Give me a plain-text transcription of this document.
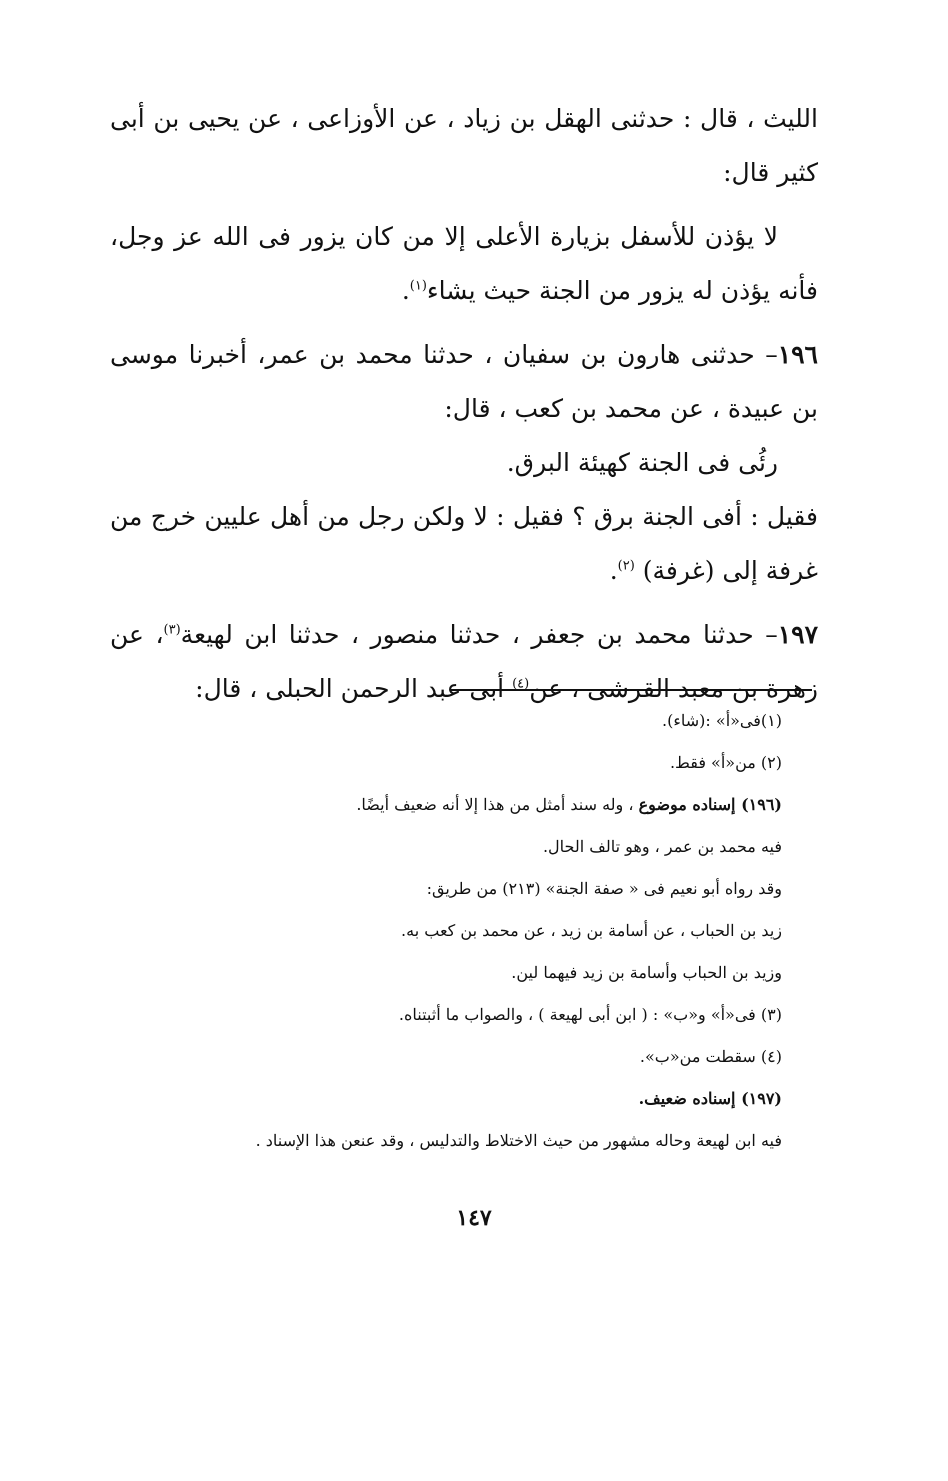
الليث ، قال : حدثنى الهقل بن زياد ، عن الأوزاعى ، عن يحيى بن أبى كثير قال:

لا يؤذن للأسفل بزيارة الأعلى إلا من كان يزور فى الله عز وجل، فأنه يؤذن له يزور من الجنة حيث يشاء$^{(١)}$.

١٩٦– حدثنى هارون بن سفيان ، حدثنا محمد بن عمر، أخبرنا موسى بن عبيدة ، عن محمد بن كعب ، قال:

رئُى فى الجنة كهيئة البرق.

فقيل : أفى الجنة برق ؟ فقيل : لا ولكن رجل من أهل عليين خرج من غرفة إلى (غرفة) $^{(٢)}$.

١٩٧– حدثنا محمد بن جعفر ، حدثنا منصور ، حدثنا ابن لهيعة$^{(٣)}$، عن زهرة بن معبد القرشى ، عن$^{(٤)}$ أبى عبد الرحمن الحبلى ، قال:

(١)فى«أ» :(شاء).

(٢) من«أ» فقط.

(١٩٦) إسناده موضوع ، وله سند أمثل من هذا إلا أنه ضعيف أيضًا.

فيه محمد بن عمر ، وهو تالف الحال.

وقد رواه أبو نعيم فى « صفة الجنة» (٢١٣) من طريق:

زيد بن الحباب ، عن أسامة بن زيد ، عن محمد بن كعب به.

وزيد بن الحباب وأسامة بن زيد فيهما لين.

(٣) فى«أ» و«ب» : ( ابن أبى لهيعة ) ، والصواب ما أثبتناه.

(٤) سقطت من«ب».

(١٩٧) إسناده ضعيف.

فيه ابن لهيعة وحاله مشهور من حيث الاختلاط والتدليس ، وقد عنعن هذا الإسناد .

١٤٧
